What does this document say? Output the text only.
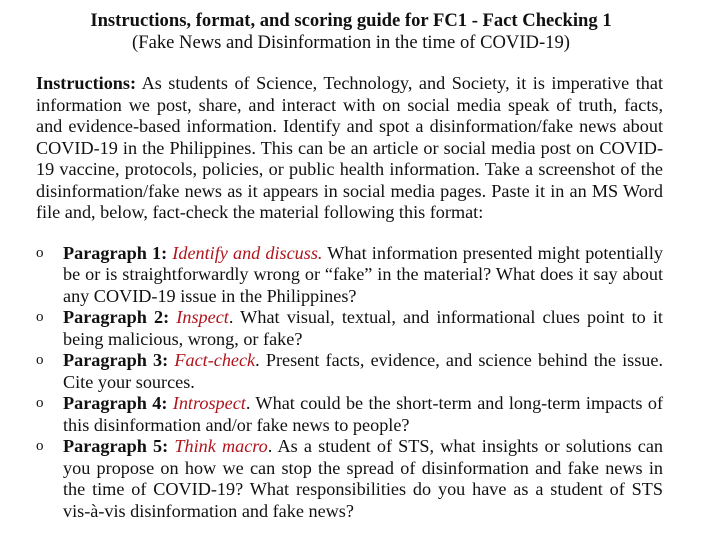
Instructions, format, and scoring guide for FC1 - Fact Checking 1

(Fake News and Disinformation in the time of COVID-19)

Instructions: As students of Science, Technology, and Society, it is imperative that information we post, share, and interact with on social media speak of truth, facts, and evidence-based information. Identify and spot a disinformation/fake news about COVID-19 in the Philippines. This can be an article or social media post on COVID-19 vaccine, protocols, policies, or public health information. Take a screenshot of the disinformation/fake news as it appears in social media pages. Paste it in an MS Word file and, below, fact-check the material following this format:

o Paragraph 1: Identify and discuss. What information presented might potentially be or is straightforwardly wrong or “fake” in the material? What does it say about any COVID-19 issue in the Philippines?
o Paragraph 2: Inspect. What visual, textual, and informational clues point to it being malicious, wrong, or fake?
o Paragraph 3: Fact-check. Present facts, evidence, and science behind the issue. Cite your sources.
o Paragraph 4: Introspect. What could be the short-term and long-term impacts of this disinformation and/or fake news to people?
o Paragraph 5: Think macro. As a student of STS, what insights or solutions can you propose on how we can stop the spread of disinformation and fake news in the time of COVID-19? What responsibilities do you have as a student of STS vis-à-vis disinformation and fake news?
